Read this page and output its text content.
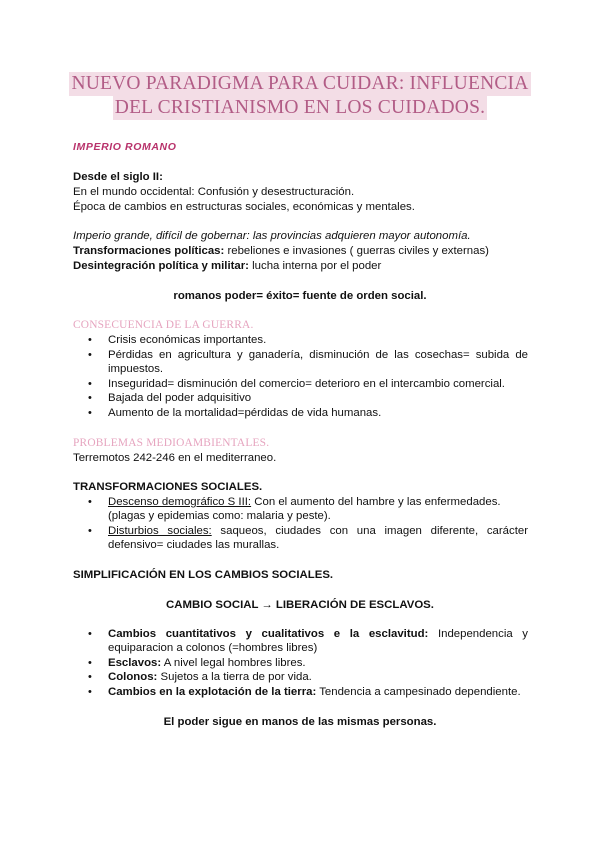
NUEVO PARADIGMA PARA CUIDAR: INFLUENCIA
DEL CRISTIANISMO EN LOS CUIDADOS.
IMPERIO ROMANO
Desde el siglo II:
En el mundo occidental: Confusión y desestructuración.
Época de cambios en estructuras sociales, económicas y mentales.
Imperio grande, difícil de gobernar: las provincias adquieren mayor autonomía.
Transformaciones políticas: rebeliones e invasiones ( guerras civiles y externas)
Desintegración política y militar: lucha interna por el poder
romanos poder= éxito= fuente de orden social.
CONSECUENCIA DE LA GUERRA.
• Crisis económicas importantes.
• Pérdidas en agricultura y ganadería, disminución de las cosechas= subida de impuestos.
• Inseguridad= disminución del comercio= deterioro en el intercambio comercial.
• Bajada del poder adquisitivo
• Aumento de la mortalidad=pérdidas de vida humanas.
PROBLEMAS MEDIOAMBIENTALES.
Terremotos 242-246 en el mediterraneo.
TRANSFORMACIONES SOCIALES.
• Descenso demográfico S III: Con el aumento del hambre y las enfermedades. (plagas y epidemias como: malaria y peste).
• Disturbios sociales: saqueos, ciudades con una imagen diferente, carácter defensivo= ciudades las murallas.
SIMPLIFICACIÓN EN LOS CAMBIOS SOCIALES.
CAMBIO SOCIAL → LIBERACIÓN DE ESCLAVOS.
• Cambios cuantitativos y cualitativos e la esclavitud: Independencia y equiparacion a colonos (=hombres libres)
• Esclavos: A nivel legal hombres libres.
• Colonos: Sujetos a la tierra de por vida.
• Cambios en la explotación de la tierra: Tendencia a campesinado dependiente.
El poder sigue en manos de las mismas personas.
